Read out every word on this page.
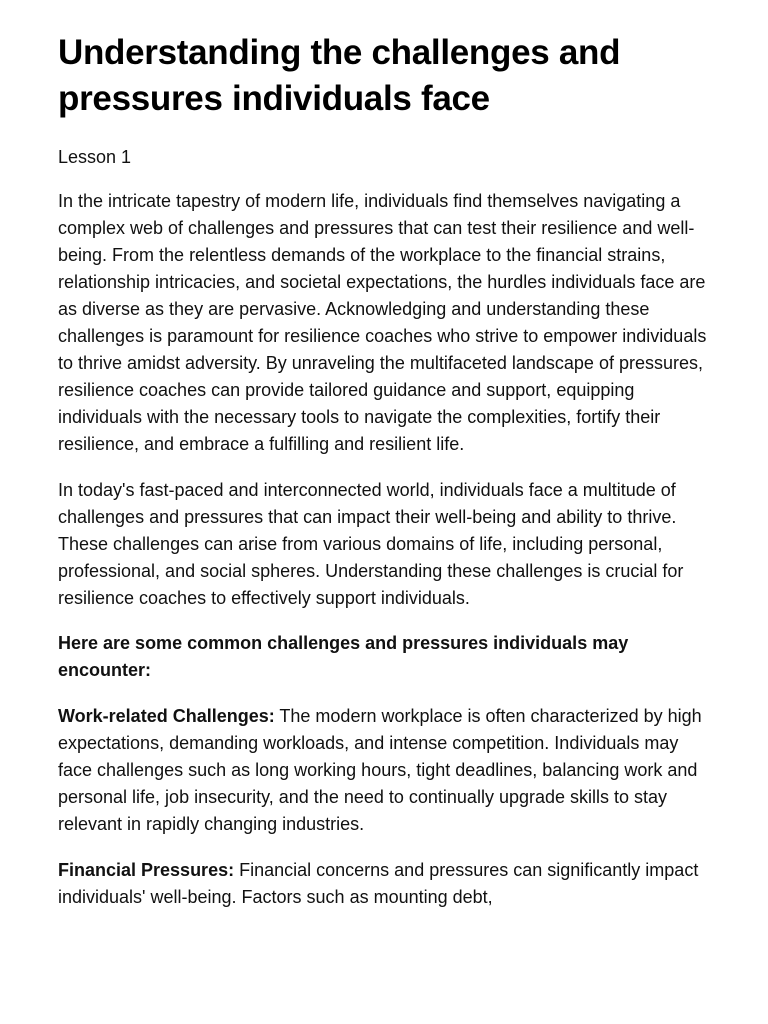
Understanding the challenges and pressures individuals face
Lesson 1

In the intricate tapestry of modern life, individuals find themselves navigating a complex web of challenges and pressures that can test their resilience and well-being. From the relentless demands of the workplace to the financial strains, relationship intricacies, and societal expectations, the hurdles individuals face are as diverse as they are pervasive. Acknowledging and understanding these challenges is paramount for resilience coaches who strive to empower individuals to thrive amidst adversity. By unraveling the multifaceted landscape of pressures, resilience coaches can provide tailored guidance and support, equipping individuals with the necessary tools to navigate the complexities, fortify their resilience, and embrace a fulfilling and resilient life.

In today's fast-paced and interconnected world, individuals face a multitude of challenges and pressures that can impact their well-being and ability to thrive. These challenges can arise from various domains of life, including personal, professional, and social spheres. Understanding these challenges is crucial for resilience coaches to effectively support individuals.

Here are some common challenges and pressures individuals may encounter:

Work-related Challenges: The modern workplace is often characterized by high expectations, demanding workloads, and intense competition. Individuals may face challenges such as long working hours, tight deadlines, balancing work and personal life, job insecurity, and the need to continually upgrade skills to stay relevant in rapidly changing industries.

Financial Pressures: Financial concerns and pressures can significantly impact individuals' well-being. Factors such as mounting debt,
